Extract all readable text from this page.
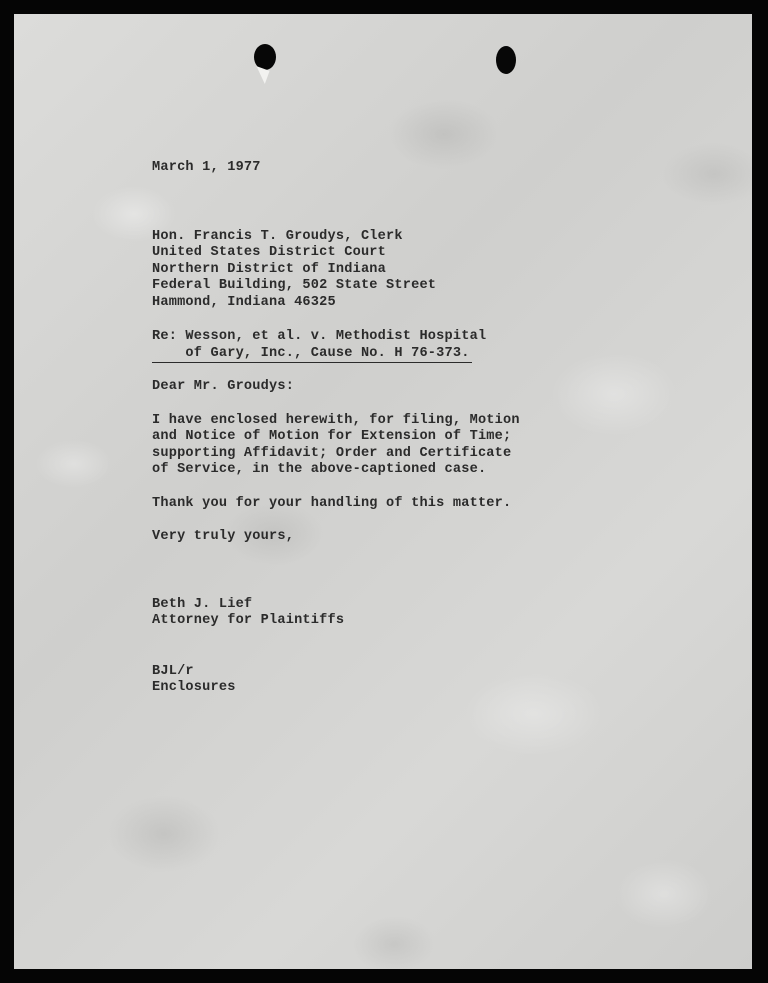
March 1, 1977
Hon. Francis T. Groudys, Clerk
United States District Court
Northern District of Indiana
Federal Building, 502 State Street
Hammond, Indiana 46325
Re: Wesson, et al. v. Methodist Hospital
of Gary, Inc., Cause No. H 76-373.
Dear Mr. Groudys:
I have enclosed herewith, for filing, Motion
and Notice of Motion for Extension of Time;
supporting Affidavit; Order and Certificate
of Service, in the above-captioned case.
Thank you for your handling of this matter.
Very truly yours,
Beth J. Lief
Attorney for Plaintiffs
BJL/r
Enclosures
